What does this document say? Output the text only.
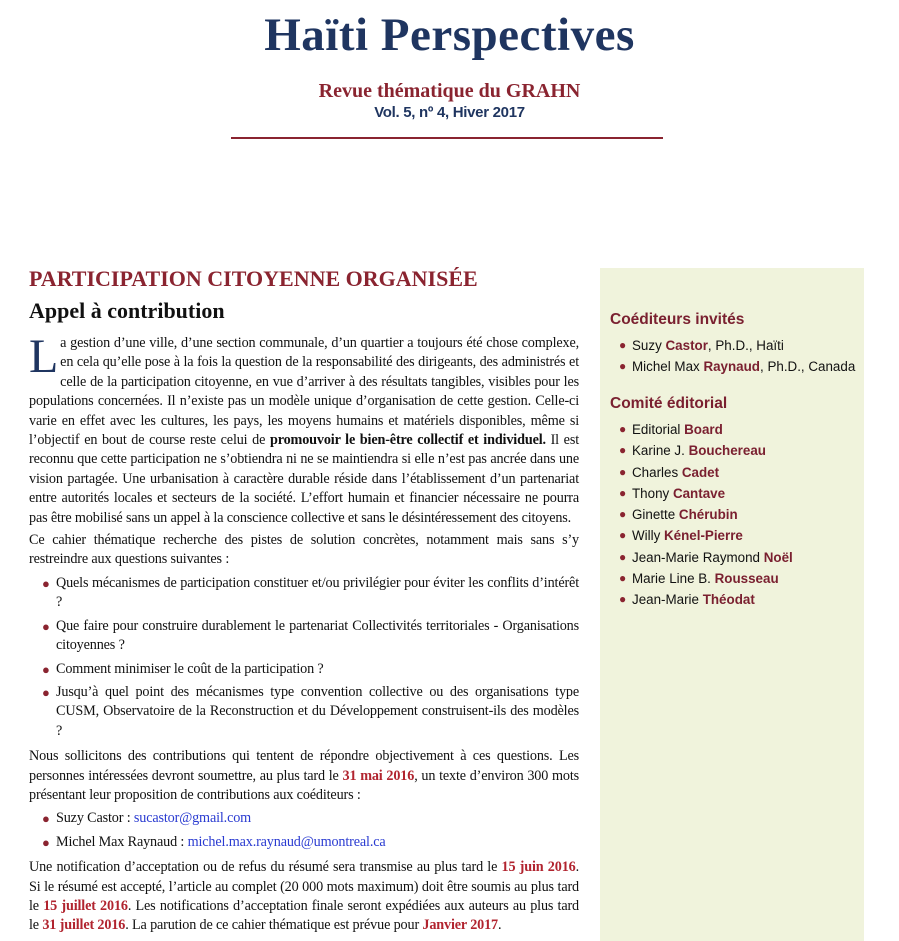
Haïti Perspectives
Revue thématique du GRAHN
Vol. 5, nº 4, Hiver 2017
PARTICIPATION CITOYENNE ORGANISÉE
Appel à contribution

La gestion d’une ville, d’une section communale, d’un quartier a toujours été chose complexe, en cela qu’elle pose à la fois la question de la responsabilité des dirigeants, des administrés et celle de la participation citoyenne, en vue d’arriver à des résultats tangibles, visibles pour les populations concernées. Il n’existe pas un modèle unique d’organisation de cette gestion. Celle-ci varie en effet avec les cultures, les pays, les moyens humains et matériels disponibles, même si l’objectif en bout de course reste celui de promouvoir le bien-être collectif et individuel. Il est reconnu que cette participation ne s’obtiendra ni ne se maintiendra si elle n’est pas ancrée dans une vision partagée. Une urbanisation à caractère durable réside dans l’établissement d’un partenariat entre autorités locales et secteurs de la société. L’effort humain et financier nécessaire ne pourra pas être mobilisé sans un appel à la conscience collective et sans le désintéressement des citoyens.

Ce cahier thématique recherche des pistes de solution concrètes, notamment mais sans s’y restreindre aux questions suivantes :

● Quels mécanismes de participation constituer et/ou privilégier pour éviter les conflits d’intérêt ?
● Que faire pour construire durablement le partenariat Collectivités territoriales - Organisations citoyennes ?
● Comment minimiser le coût de la participation ?
● Jusqu’à quel point des mécanismes type convention collective ou des organisations type CUSM, Observatoire de la Reconstruction et du Développement construisent-ils des modèles ?

Nous sollicitons des contributions qui tentent de répondre objectivement à ces questions. Les personnes intéressées devront soumettre, au plus tard le 31 mai 2016, un texte d’environ 300 mots présentant leur proposition de contributions aux coéditeurs :

● Suzy Castor : sucastor@gmail.com
● Michel Max Raynaud : michel.max.raynaud@umontreal.ca

Une notification d’acceptation ou de refus du résumé sera transmise au plus tard le 15 juin 2016. Si le résumé est accepté, l’article au complet (20 000 mots maximum) doit être soumis au plus tard le 15 juillet 2016. Les notifications d’acceptation finale seront expédiées aux auteurs au plus tard le 31 juillet 2016. La parution de ce cahier thématique est prévue pour Janvier 2017.

Coéditeurs invités
● Suzy Castor, Ph.D., Haïti
● Michel Max Raynaud, Ph.D., Canada
Comité éditorial
● Editorial Board
● Karine J. Bouchereau
● Charles Cadet
● Thony Cantave
● Ginette Chérubin
● Willy Kénel-Pierre
● Jean-Marie Raymond Noël
● Marie Line B. Rousseau
● Jean-Marie Théodat
